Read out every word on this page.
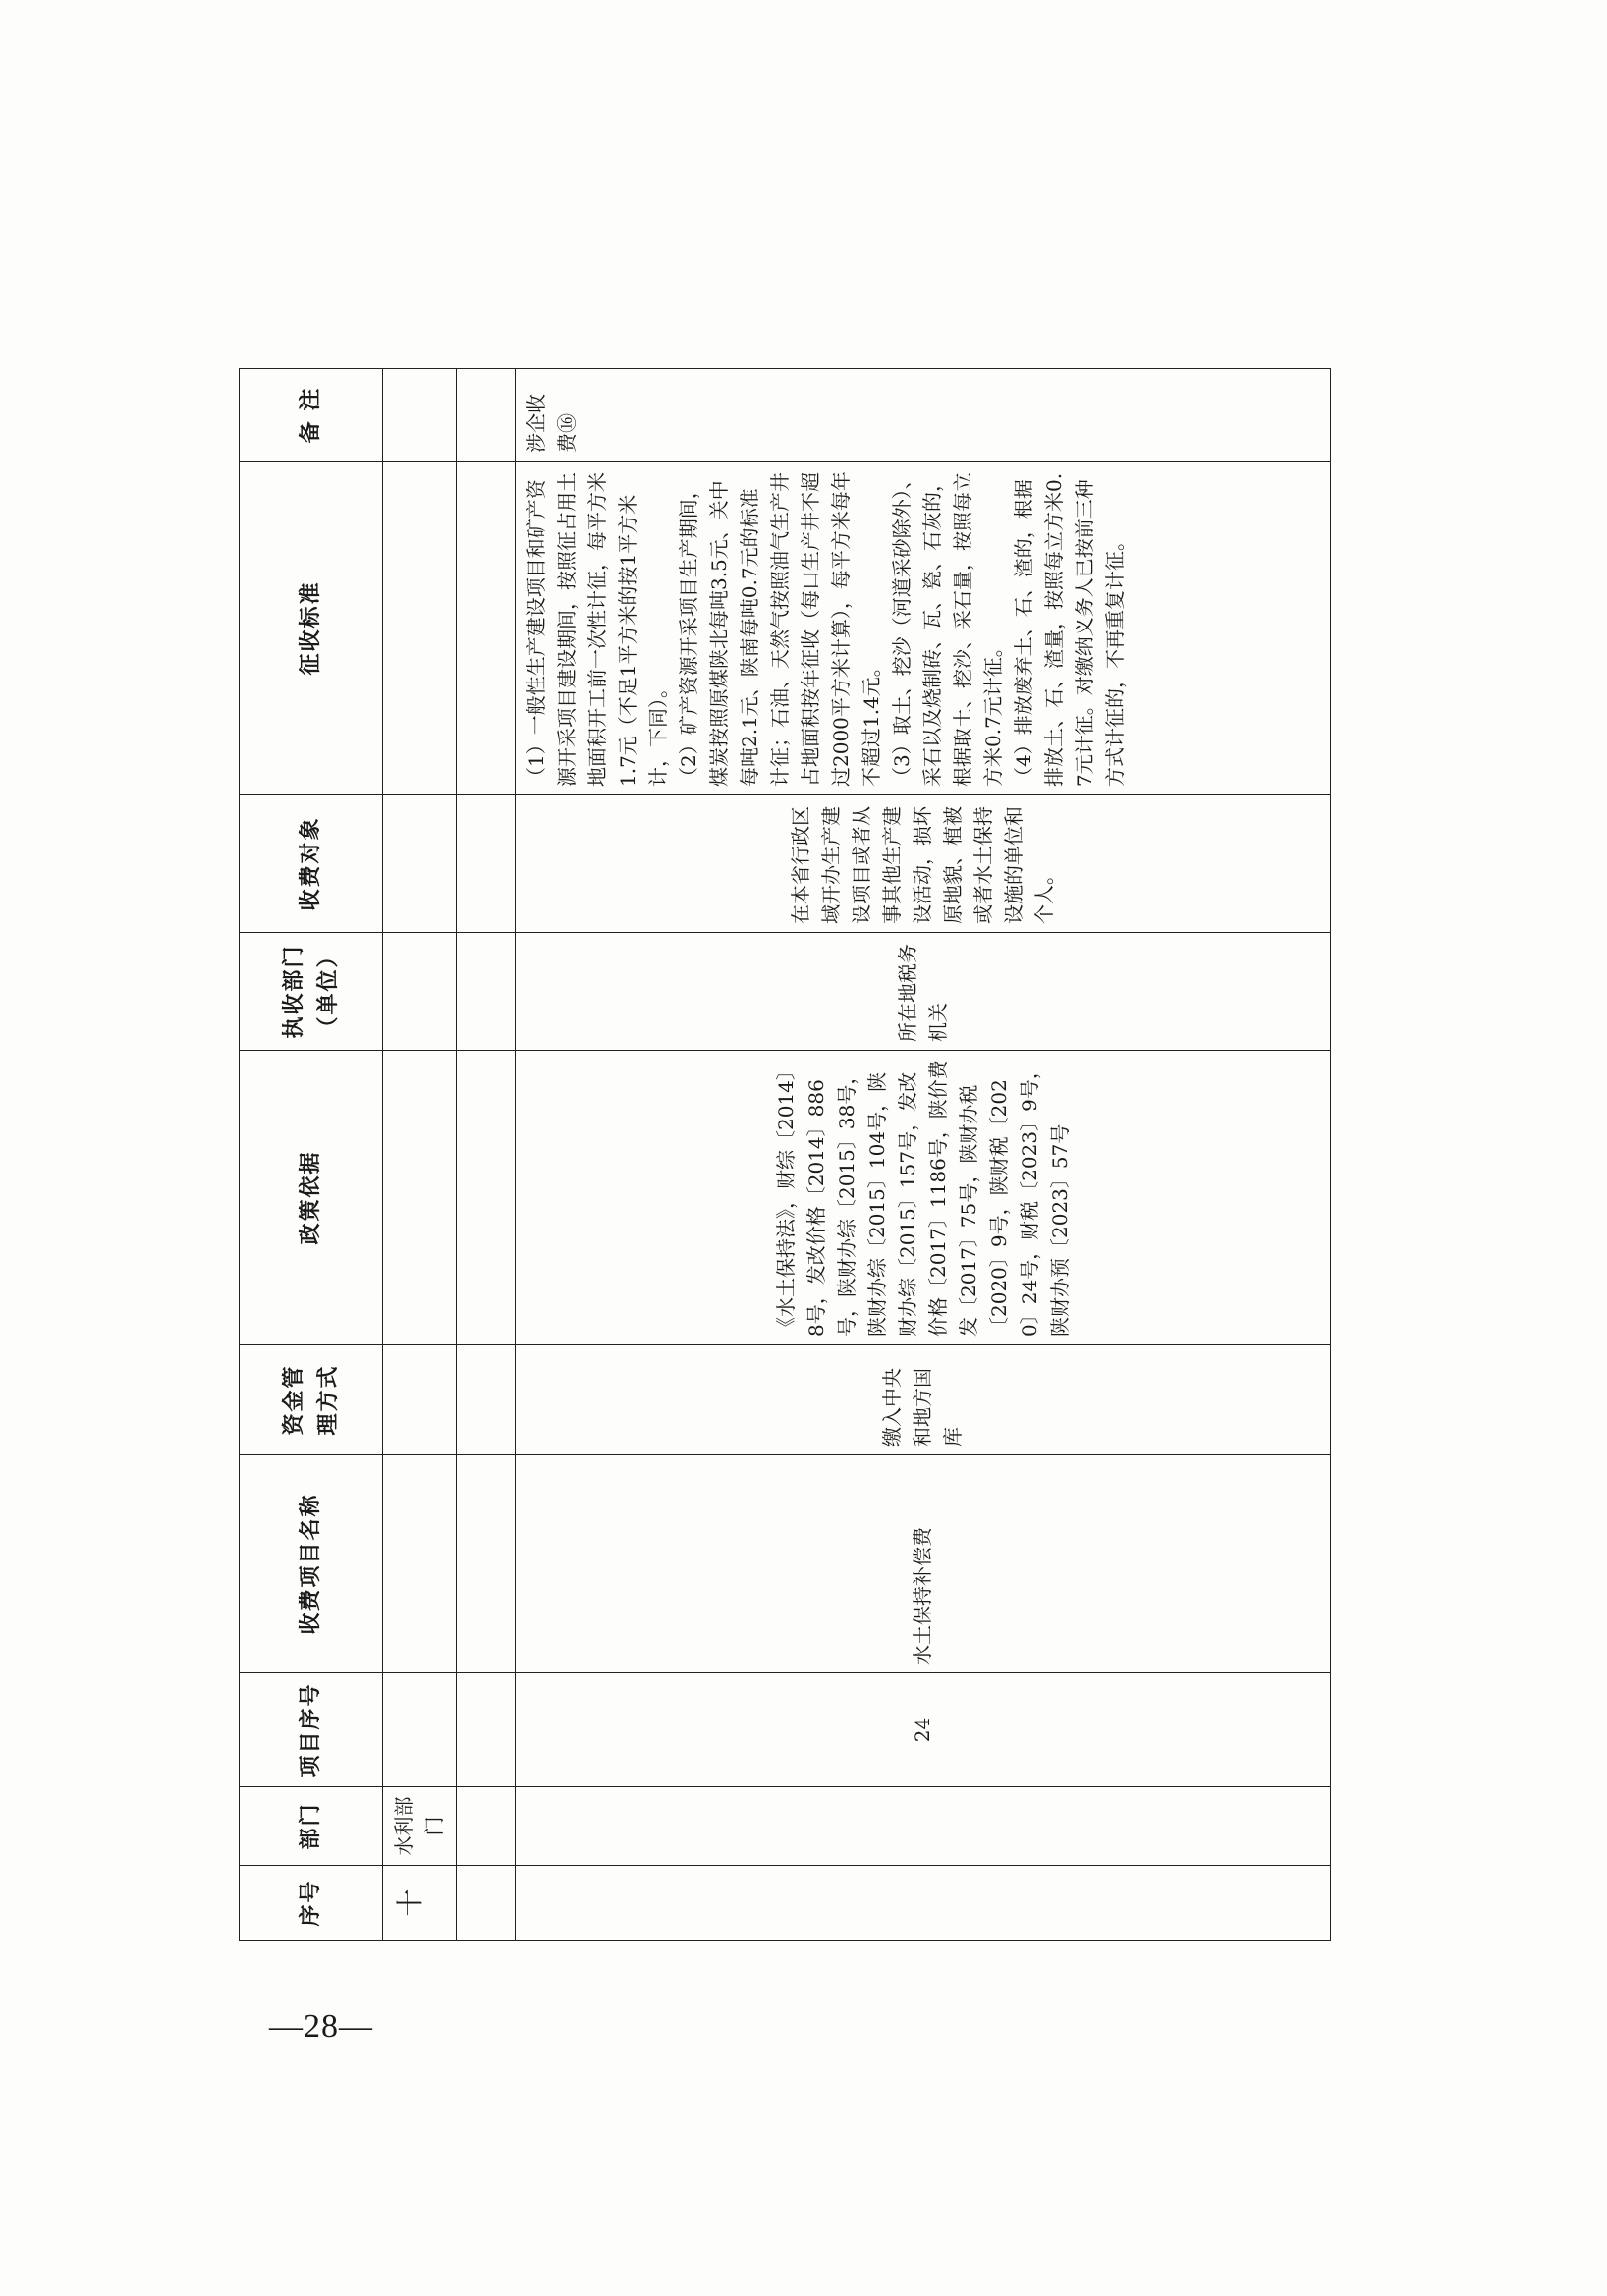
序号	部门	项目序号	收费项目名称	资金管理方式	政策依据	执收部门（单位）	收费对象	征收标准	备 注
十	水利部门								

		24	水土保持补偿费	缴入中央和地方国库	《水土保持法》，财综〔2014〕8号，发改价格〔2014〕886号，陕财办综〔2015〕38号，陕财办综〔2015〕104号，陕财办综〔2015〕157号，发改价格〔2017〕1186号，陕价费发〔2017〕75号，陕财办税〔2020〕9号，陕财税〔2020〕24号，财税〔2023〕9号，陕财办预〔2023〕57号	所在地税务机关	在本省行政区域开办生产建设项目或者从事其他生产建设活动，损坏原地貌、植被或者水土保持设施的单位和个人。	（1）一般性生产建设项目和矿产资源开采项目建设期间，按照征占用土地面积开工前一次性计征，每平方米1.7元（不足1平方米的按1平方米计，下同）。 （2）矿产资源开采项目生产期间，煤炭按照原煤陕北每吨3.5元、关中每吨2.1元、陕南每吨0.7元的标准计征；石油、天然气按照油气生产井占地面积按年征收（每口生产井不超过2000平方米计算），每平方米每年不超过1.4元。 （3）取土、挖沙（河道采砂除外）、采石以及烧制砖、瓦、瓷、石灰的，根据取土、挖沙、采石量，按照每立方米0.7元计征。 （4）排放废弃土、石、渣的，根据排放土、石、渣量，按照每立方米0.7元计征。对缴纳义务人已按前三种方式计征的，不再重复计征。	涉企收费⑯
—28—
